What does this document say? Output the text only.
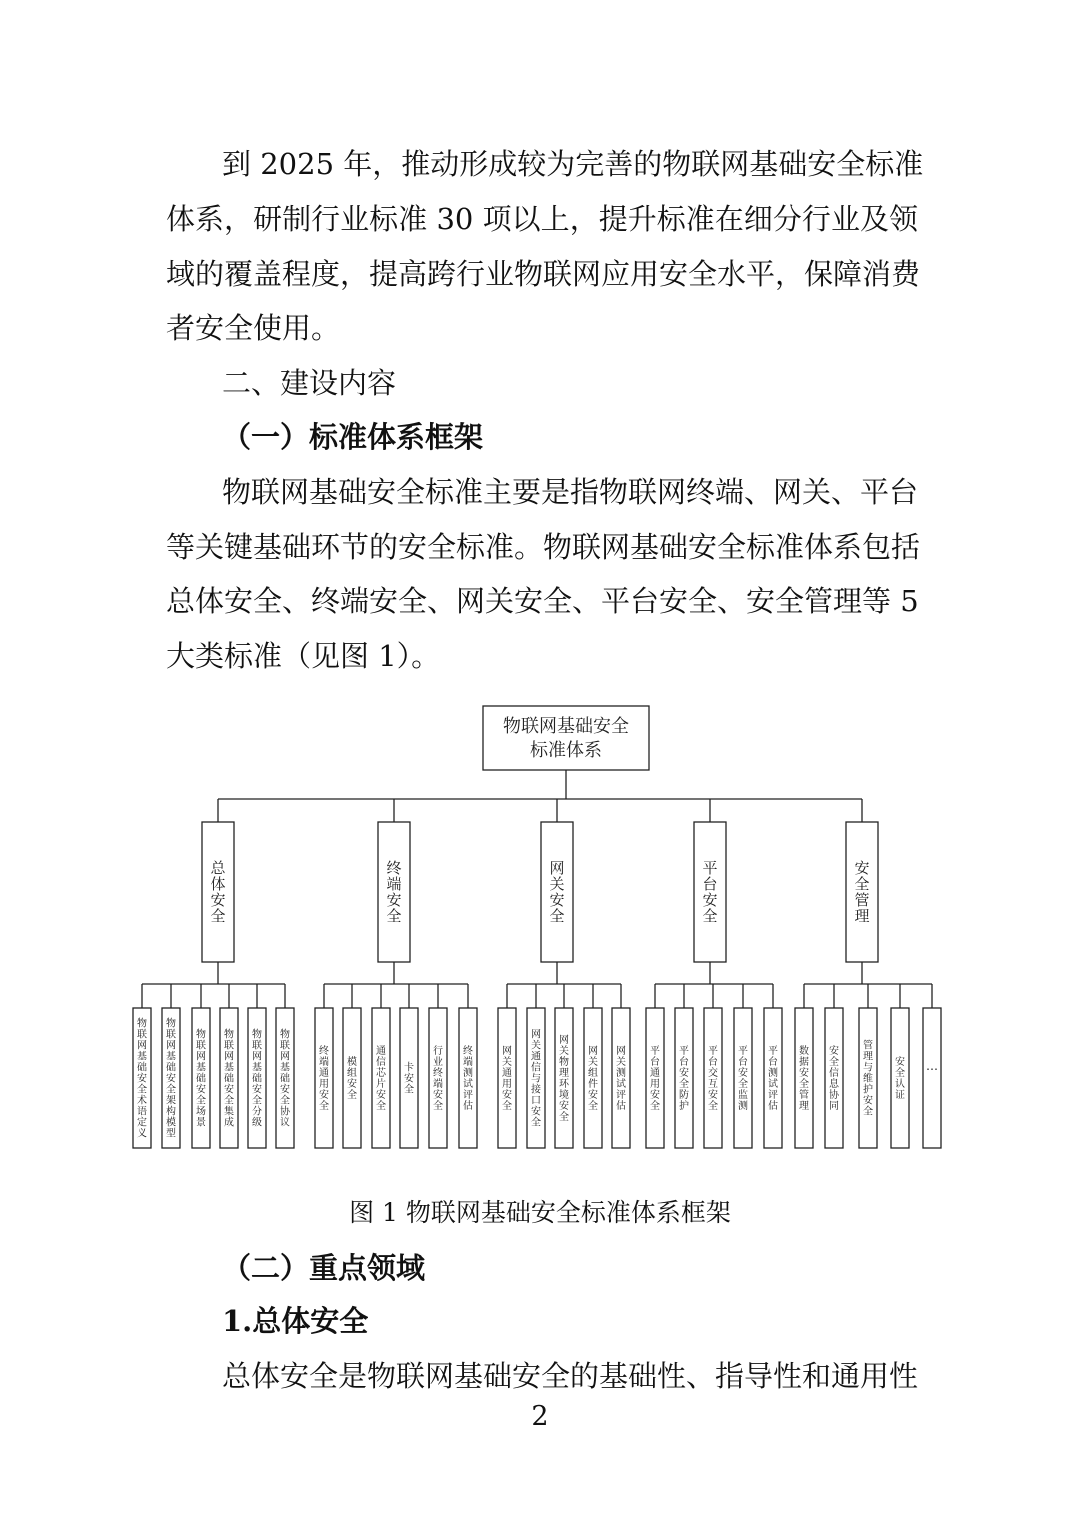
到 2025 年，推动形成较为完善的物联网基础安全标准
体系，研制行业标准 30 项以上，提升标准在细分行业及领
域的覆盖程度，提高跨行业物联网应用安全水平，保障消费
者安全使用。
二、建设内容
（一）标准体系框架
物联网基础安全标准主要是指物联网终端、网关、平台
等关键基础环节的安全标准。物联网基础安全标准体系包括
总体安全、终端安全、网关安全、平台安全、安全管理等 5
大类标准（见图 1）。
物联网基础安全
标准体系
总体安全
物联网基础安全术语定义
物联网基础安全架构模型
物联网基础安全场景
物联网基础安全集成
物联网基础安全分级
物联网基础安全协议
终端安全
终端通用安全
模组安全
通信芯片安全
卡安全
行业终端安全
终端测试评估
网关安全
网关通用安全
网关通信与接口安全
网关物理环境安全
网关组件安全
网关测试评估
平台安全
平台通用安全
平台安全防护
平台交互安全
平台安全监测
平台测试评估
安全管理
数据安全管理
安全信息协同
管理与维护安全
安全认证
…
图 1 物联网基础安全标准体系框架
（二）重点领域
1.总体安全
总体安全是物联网基础安全的基础性、指导性和通用性
2
